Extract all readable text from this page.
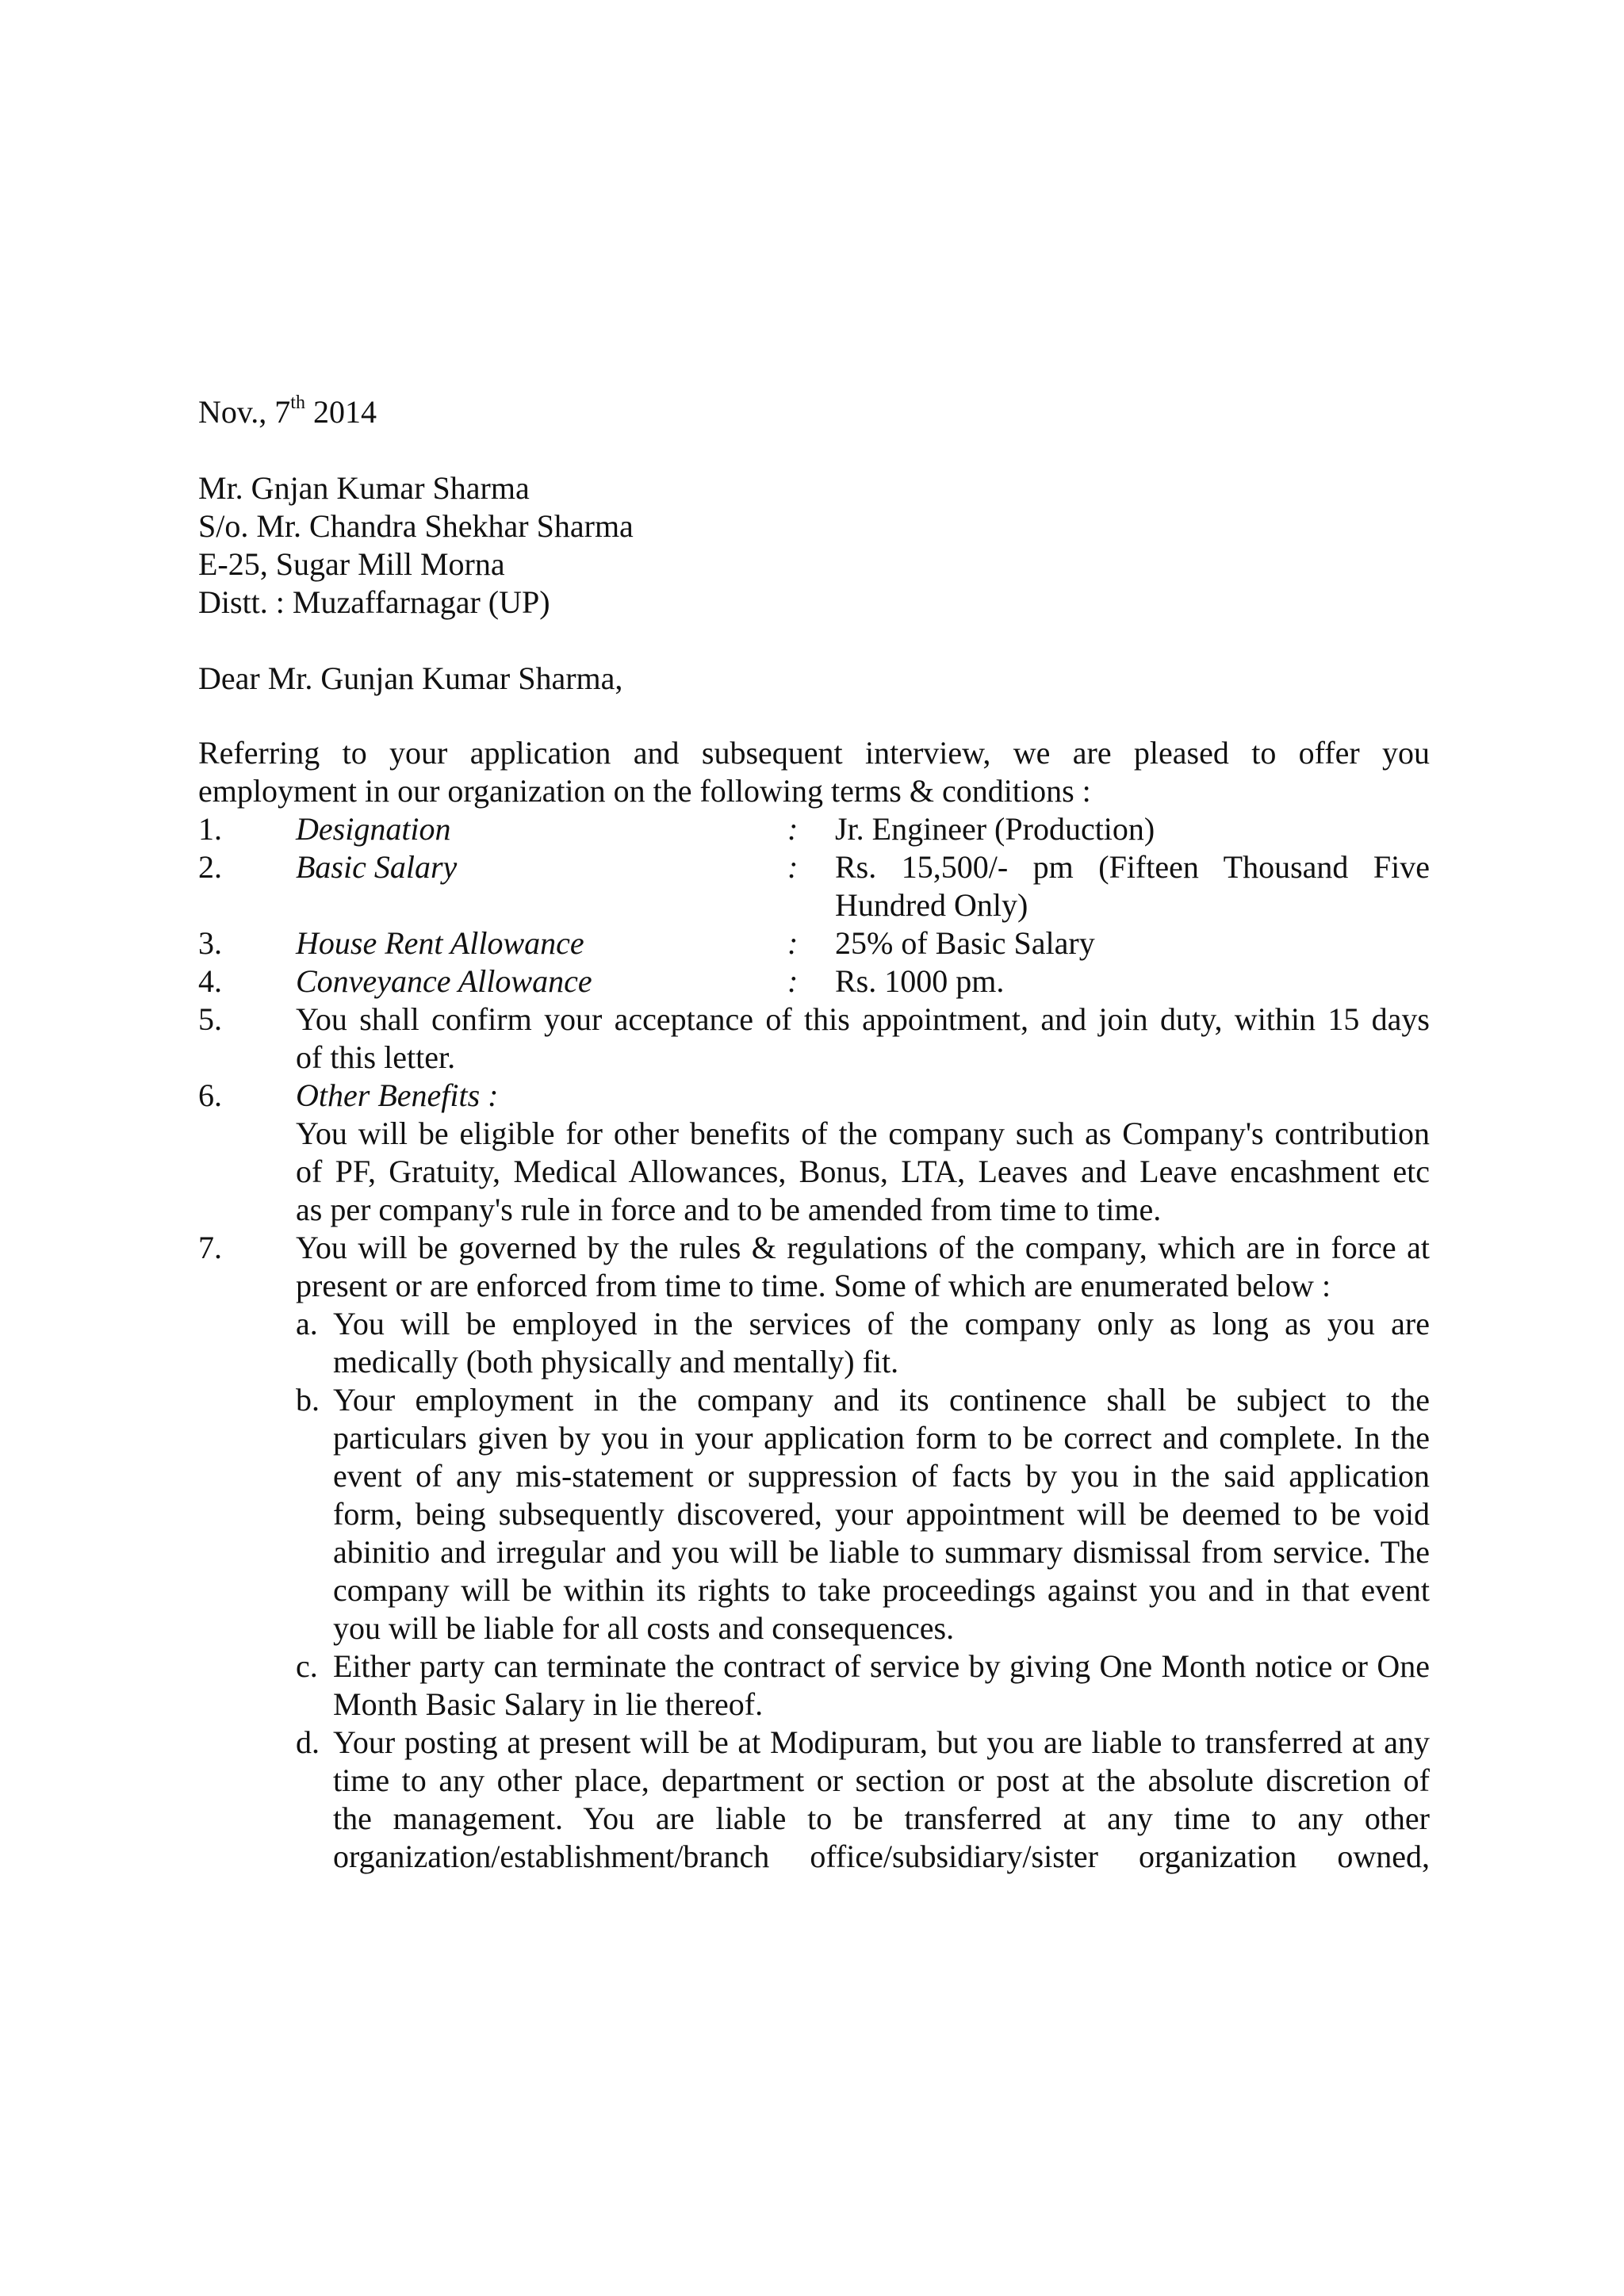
Nov., 7th 2014
Mr. Gnjan Kumar Sharma
S/o. Mr. Chandra Shekhar Sharma
E-25, Sugar Mill Morna
Distt. : Muzaffarnagar (UP)
Dear Mr. Gunjan Kumar Sharma,
Referring to your application and subsequent interview, we are pleased to offer you
employment in our organization on the following terms & conditions :
1. Designation	: Jr. Engineer (Production)
2. Basic Salary	: Rs. 15,500/- pm (Fifteen Thousand Five
Hundred Only)
3. House Rent Allowance	: 25% of Basic Salary
4. Conveyance Allowance	: Rs. 1000 pm.
5. You shall confirm your acceptance of this appointment, and join duty, within 15 days
of this letter.
6. Other Benefits :
You will be eligible for other benefits of the company such as Company's contribution
of PF, Gratuity, Medical Allowances, Bonus, LTA, Leaves and Leave encashment etc
as per company's rule in force and to be amended from time to time.
7. You will be governed by the rules & regulations of the company, which are in force at
present or are enforced from time to time. Some of which are enumerated below :
a. You will be employed in the services of the company only as long as you are
medically (both physically and mentally) fit.
b. Your employment in the company and its continence shall be subject to the
particulars given by you in your application form to be correct and complete. In the
event of any mis-statement or suppression of facts by you in the said application
form, being subsequently discovered, your appointment will be deemed to be void
abinitio and irregular and you will be liable to summary dismissal from service. The
company will be within its rights to take proceedings against you and in that event
you will be liable for all costs and consequences.
c. Either party can terminate the contract of service by giving One Month notice or One
Month Basic Salary in lie thereof.
d. Your posting at present will be at Modipuram, but you are liable to transferred at any
time to any other place, department or section or post at the absolute discretion of
the management. You are liable to be transferred at any time to any other
organization/establishment/branch office/subsidiary/sister organization owned,
